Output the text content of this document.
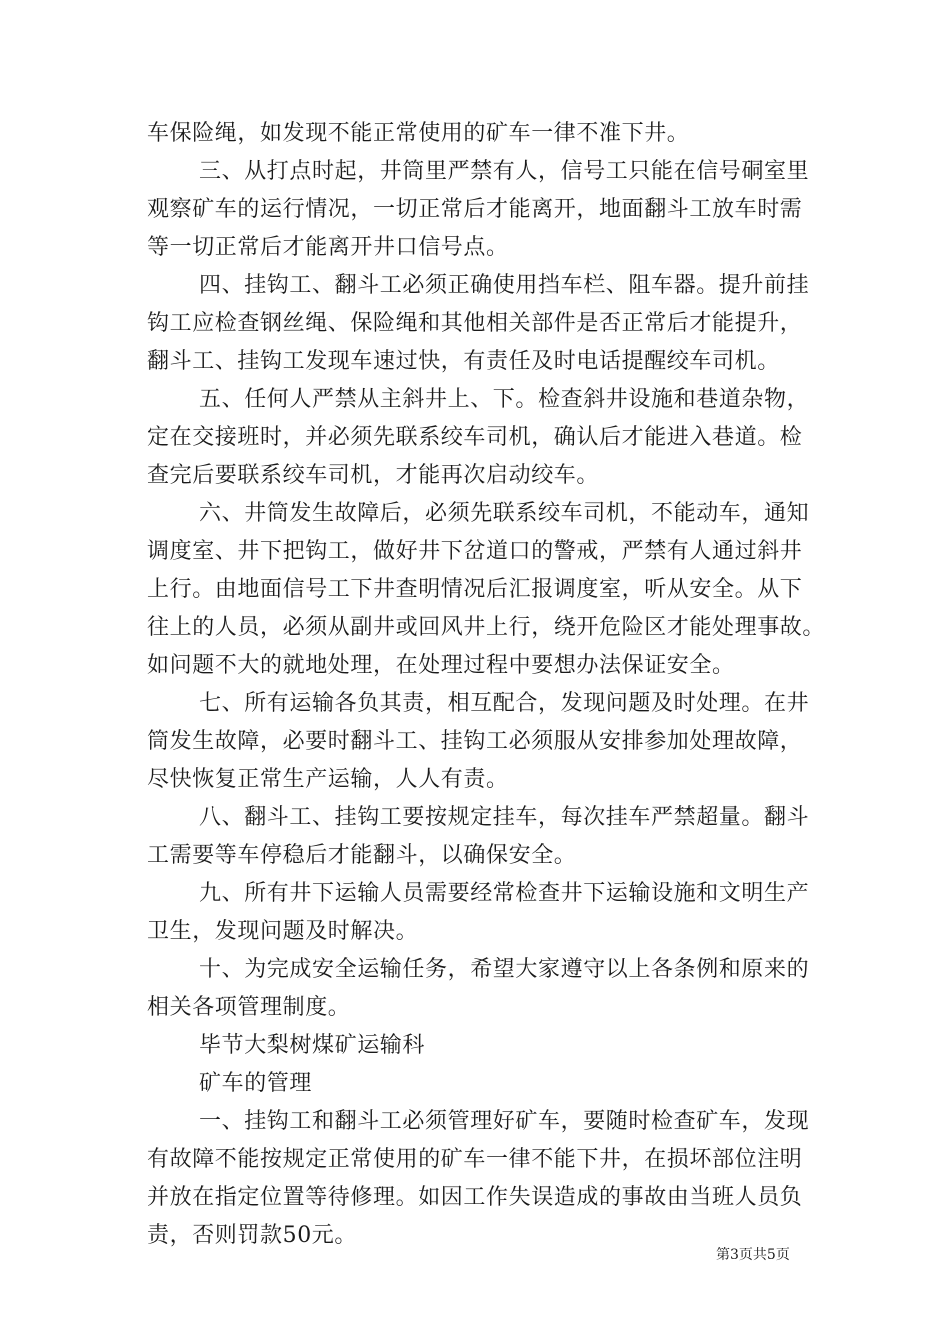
车保险绳，如发现不能正常使用的矿车一律不准下井。
三、从打点时起，井筒里严禁有人，信号工只能在信号硐室里
观察矿车的运行情况，一切正常后才能离开，地面翻斗工放车时需
等一切正常后才能离开井口信号点。
四、挂钩工、翻斗工必须正确使用挡车栏、阻车器。提升前挂
钩工应检查钢丝绳、保险绳和其他相关部件是否正常后才能提升，
翻斗工、挂钩工发现车速过快，有责任及时电话提醒绞车司机。
五、任何人严禁从主斜井上、下。检查斜井设施和巷道杂物，
定在交接班时，并必须先联系绞车司机，确认后才能进入巷道。检
查完后要联系绞车司机，才能再次启动绞车。
六、井筒发生故障后，必须先联系绞车司机，不能动车，通知
调度室、井下把钩工，做好井下岔道口的警戒，严禁有人通过斜井
上行。由地面信号工下井查明情况后汇报调度室，听从安全。从下
往上的人员，必须从副井或回风井上行，绕开危险区才能处理事故。
如问题不大的就地处理，在处理过程中要想办法保证安全。
七、所有运输各负其责，相互配合，发现问题及时处理。在井
筒发生故障，必要时翻斗工、挂钩工必须服从安排参加处理故障，
尽快恢复正常生产运输，人人有责。
八、翻斗工、挂钩工要按规定挂车，每次挂车严禁超量。翻斗
工需要等车停稳后才能翻斗，以确保安全。
九、所有井下运输人员需要经常检查井下运输设施和文明生产
卫生，发现问题及时解决。
十、为完成安全运输任务，希望大家遵守以上各条例和原来的
相关各项管理制度。
毕节大梨树煤矿运输科
矿车的管理
一、挂钩工和翻斗工必须管理好矿车，要随时检查矿车，发现
有故障不能按规定正常使用的矿车一律不能下井，在损坏部位注明
并放在指定位置等待修理。如因工作失误造成的事故由当班人员负
责，否则罚款50元。
第3页共5页
